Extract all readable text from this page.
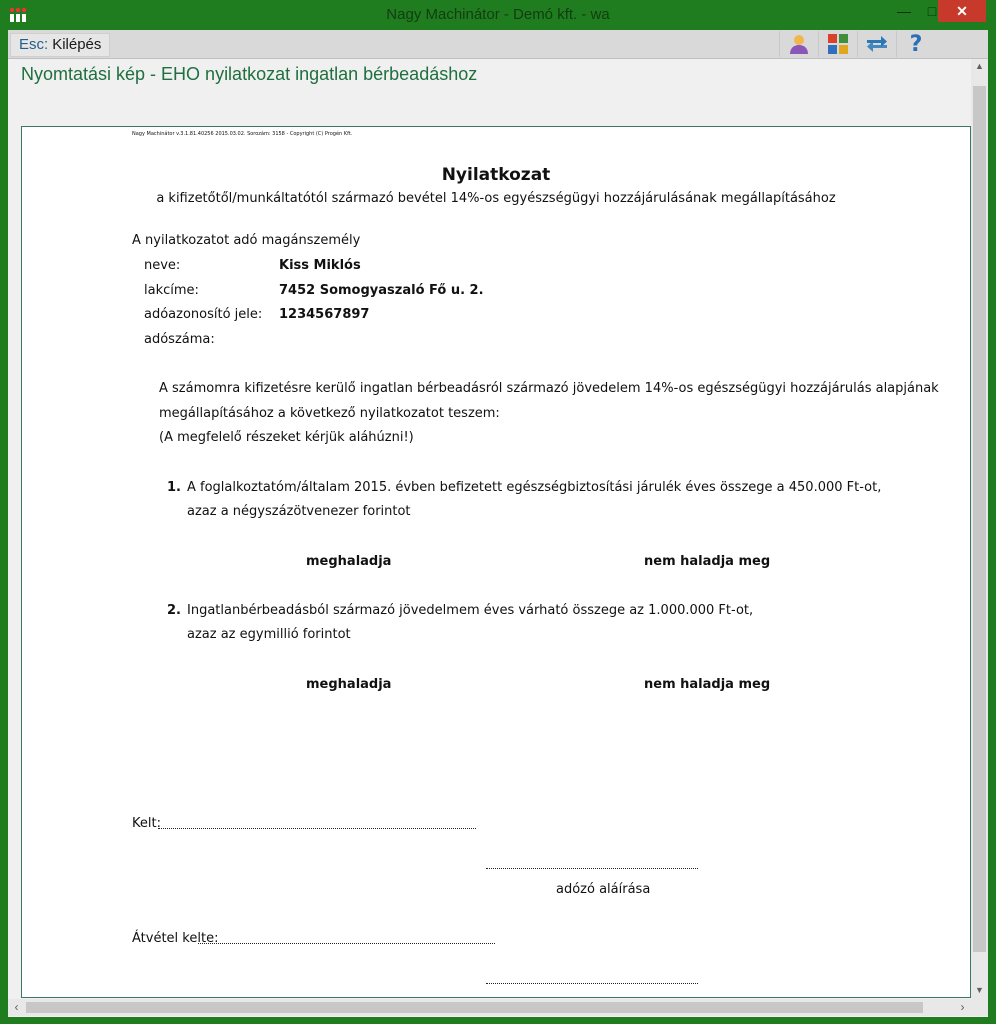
Nagy Machinátor - Demó kft. - wa	—	□	✕
Esc: Kilépés	?
Nyomtatási kép - EHO nyilatkozat ingatlan bérbeadáshoz
Nagy Machinátor v.3.1.81.40256 2015.03.02. Sorozám: 3158 - Copyright (C) Progén Kft.
Nyilatkozat
a kifizetőtől/munkáltatótól származó bevétel 14%-os egyészségügyi hozzájárulásának megállapításához
A nyilatkozatot adó magánszemély
neve:	Kiss Miklós
lakcíme:	7452 Somogyaszaló Fő u. 2.
adóazonosító jele: 1234567897
adószáma:
A számomra kifizetésre kerülő ingatlan bérbeadásról származó jövedelem 14%-os egészségügyi hozzájárulás alapjának
megállapításához a következő nyilatkozatot teszem:
(A megfelelő részeket kérjük aláhúzni!)
1. A foglalkoztatóm/általam 2015. évben befizetett egészségbiztosítási járulék éves összege a 450.000 Ft-ot,
azaz a négyszázötvenezer forintot
meghaladja	nem haladja meg
2. Ingatlanbérbeadásból származó jövedelmem éves várható összege az 1.000.000 Ft-ot,
azaz az egymillió forintot
meghaladja	nem haladja meg
Kelt:
adózó aláírása
Átvétel kelte:
▲
▼
‹	›
